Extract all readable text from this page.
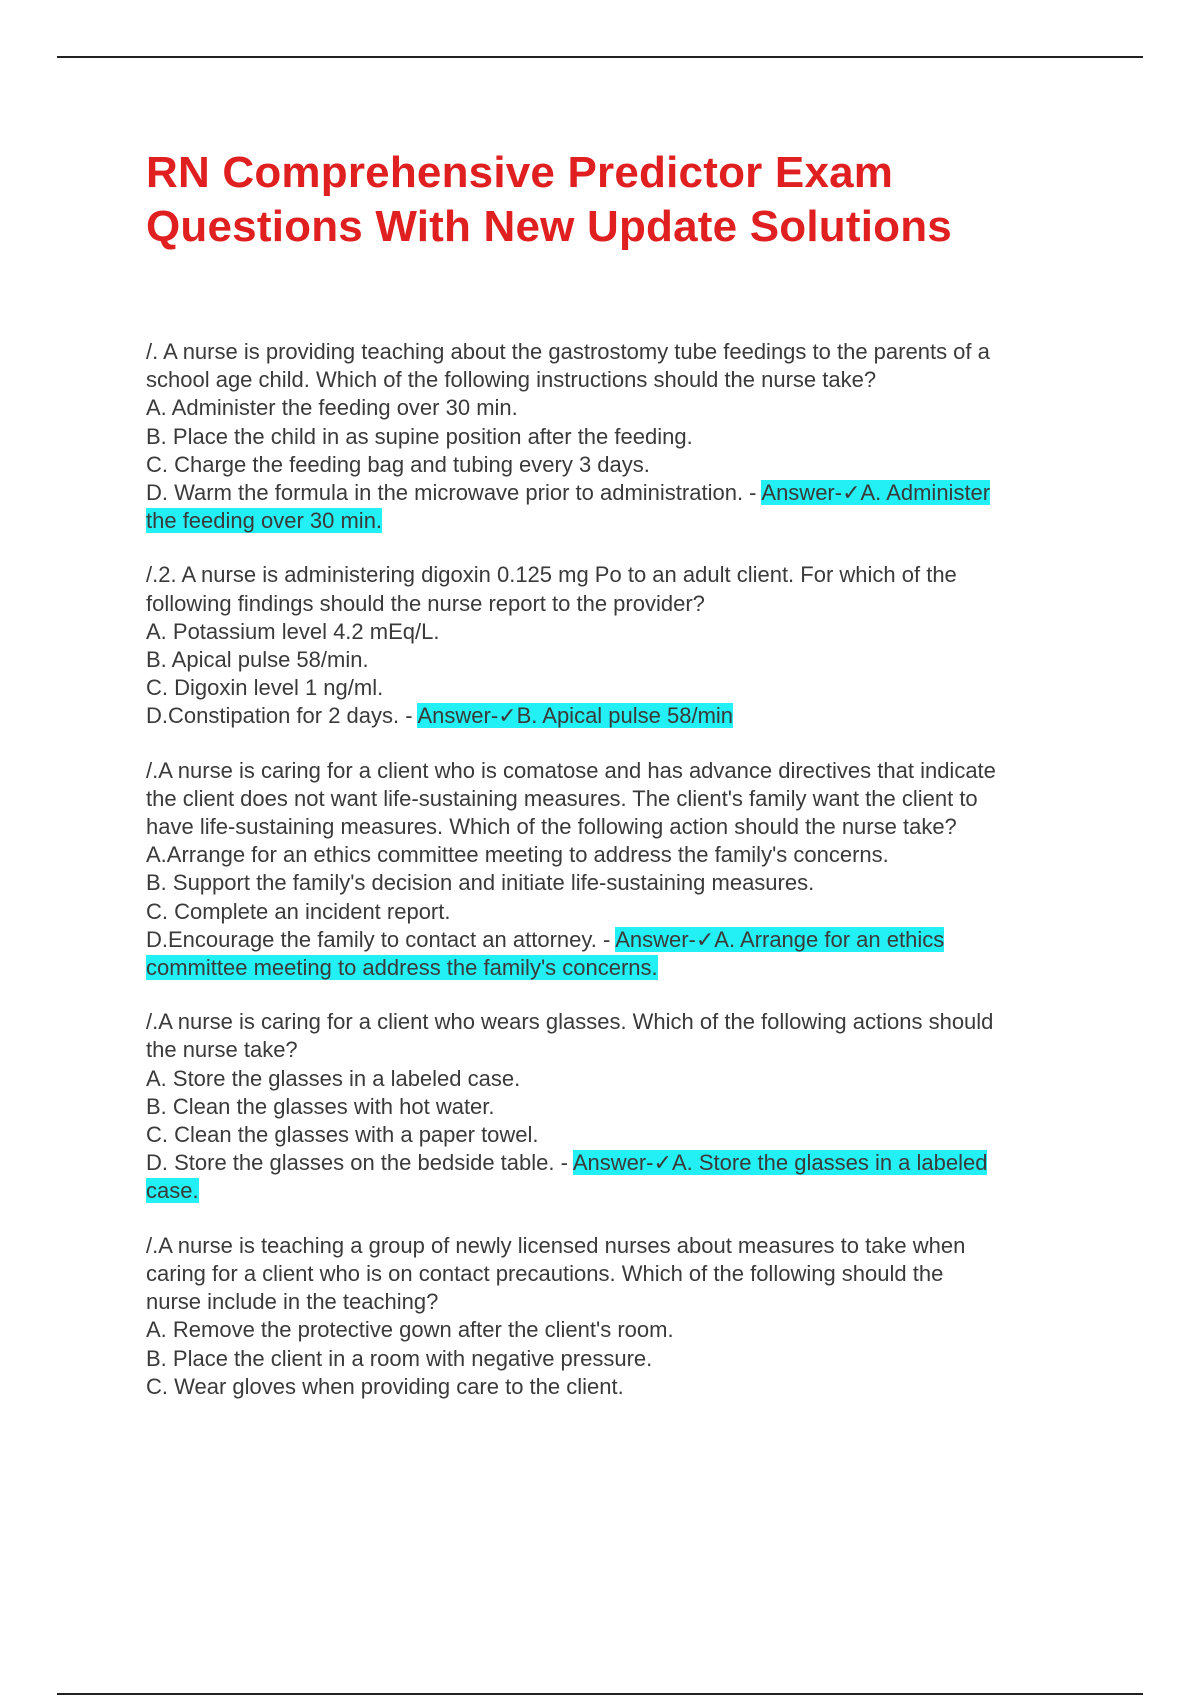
RN Comprehensive Predictor Exam
Questions With New Update Solutions
/. A nurse is providing teaching about the gastrostomy tube feedings to the parents of a
school age child. Which of the following instructions should the nurse take?
A. Administer the feeding over 30 min.
B. Place the child in as supine position after the feeding.
C. Charge the feeding bag and tubing every 3 days.
D. Warm the formula in the microwave prior to administration. - Answer-✓A. Administer
the feeding over 30 min.
/.2. A nurse is administering digoxin 0.125 mg Po to an adult client. For which of the
following findings should the nurse report to the provider?
A. Potassium level 4.2 mEq/L.
B. Apical pulse 58/min.
C. Digoxin level 1 ng/ml.
D.Constipation for 2 days. - Answer-✓B. Apical pulse 58/min
/.A nurse is caring for a client who is comatose and has advance directives that indicate
the client does not want life-sustaining measures. The client's family want the client to
have life-sustaining measures. Which of the following action should the nurse take?
A.Arrange for an ethics committee meeting to address the family's concerns.
B. Support the family's decision and initiate life-sustaining measures.
C. Complete an incident report.
D.Encourage the family to contact an attorney. - Answer-✓A. Arrange for an ethics
committee meeting to address the family's concerns.
/.A nurse is caring for a client who wears glasses. Which of the following actions should
the nurse take?
A. Store the glasses in a labeled case.
B. Clean the glasses with hot water.
C. Clean the glasses with a paper towel.
D. Store the glasses on the bedside table. - Answer-✓A. Store the glasses in a labeled
case.
/.A nurse is teaching a group of newly licensed nurses about measures to take when
caring for a client who is on contact precautions. Which of the following should the
nurse include in the teaching?
A. Remove the protective gown after the client's room.
B. Place the client in a room with negative pressure.
C. Wear gloves when providing care to the client.
